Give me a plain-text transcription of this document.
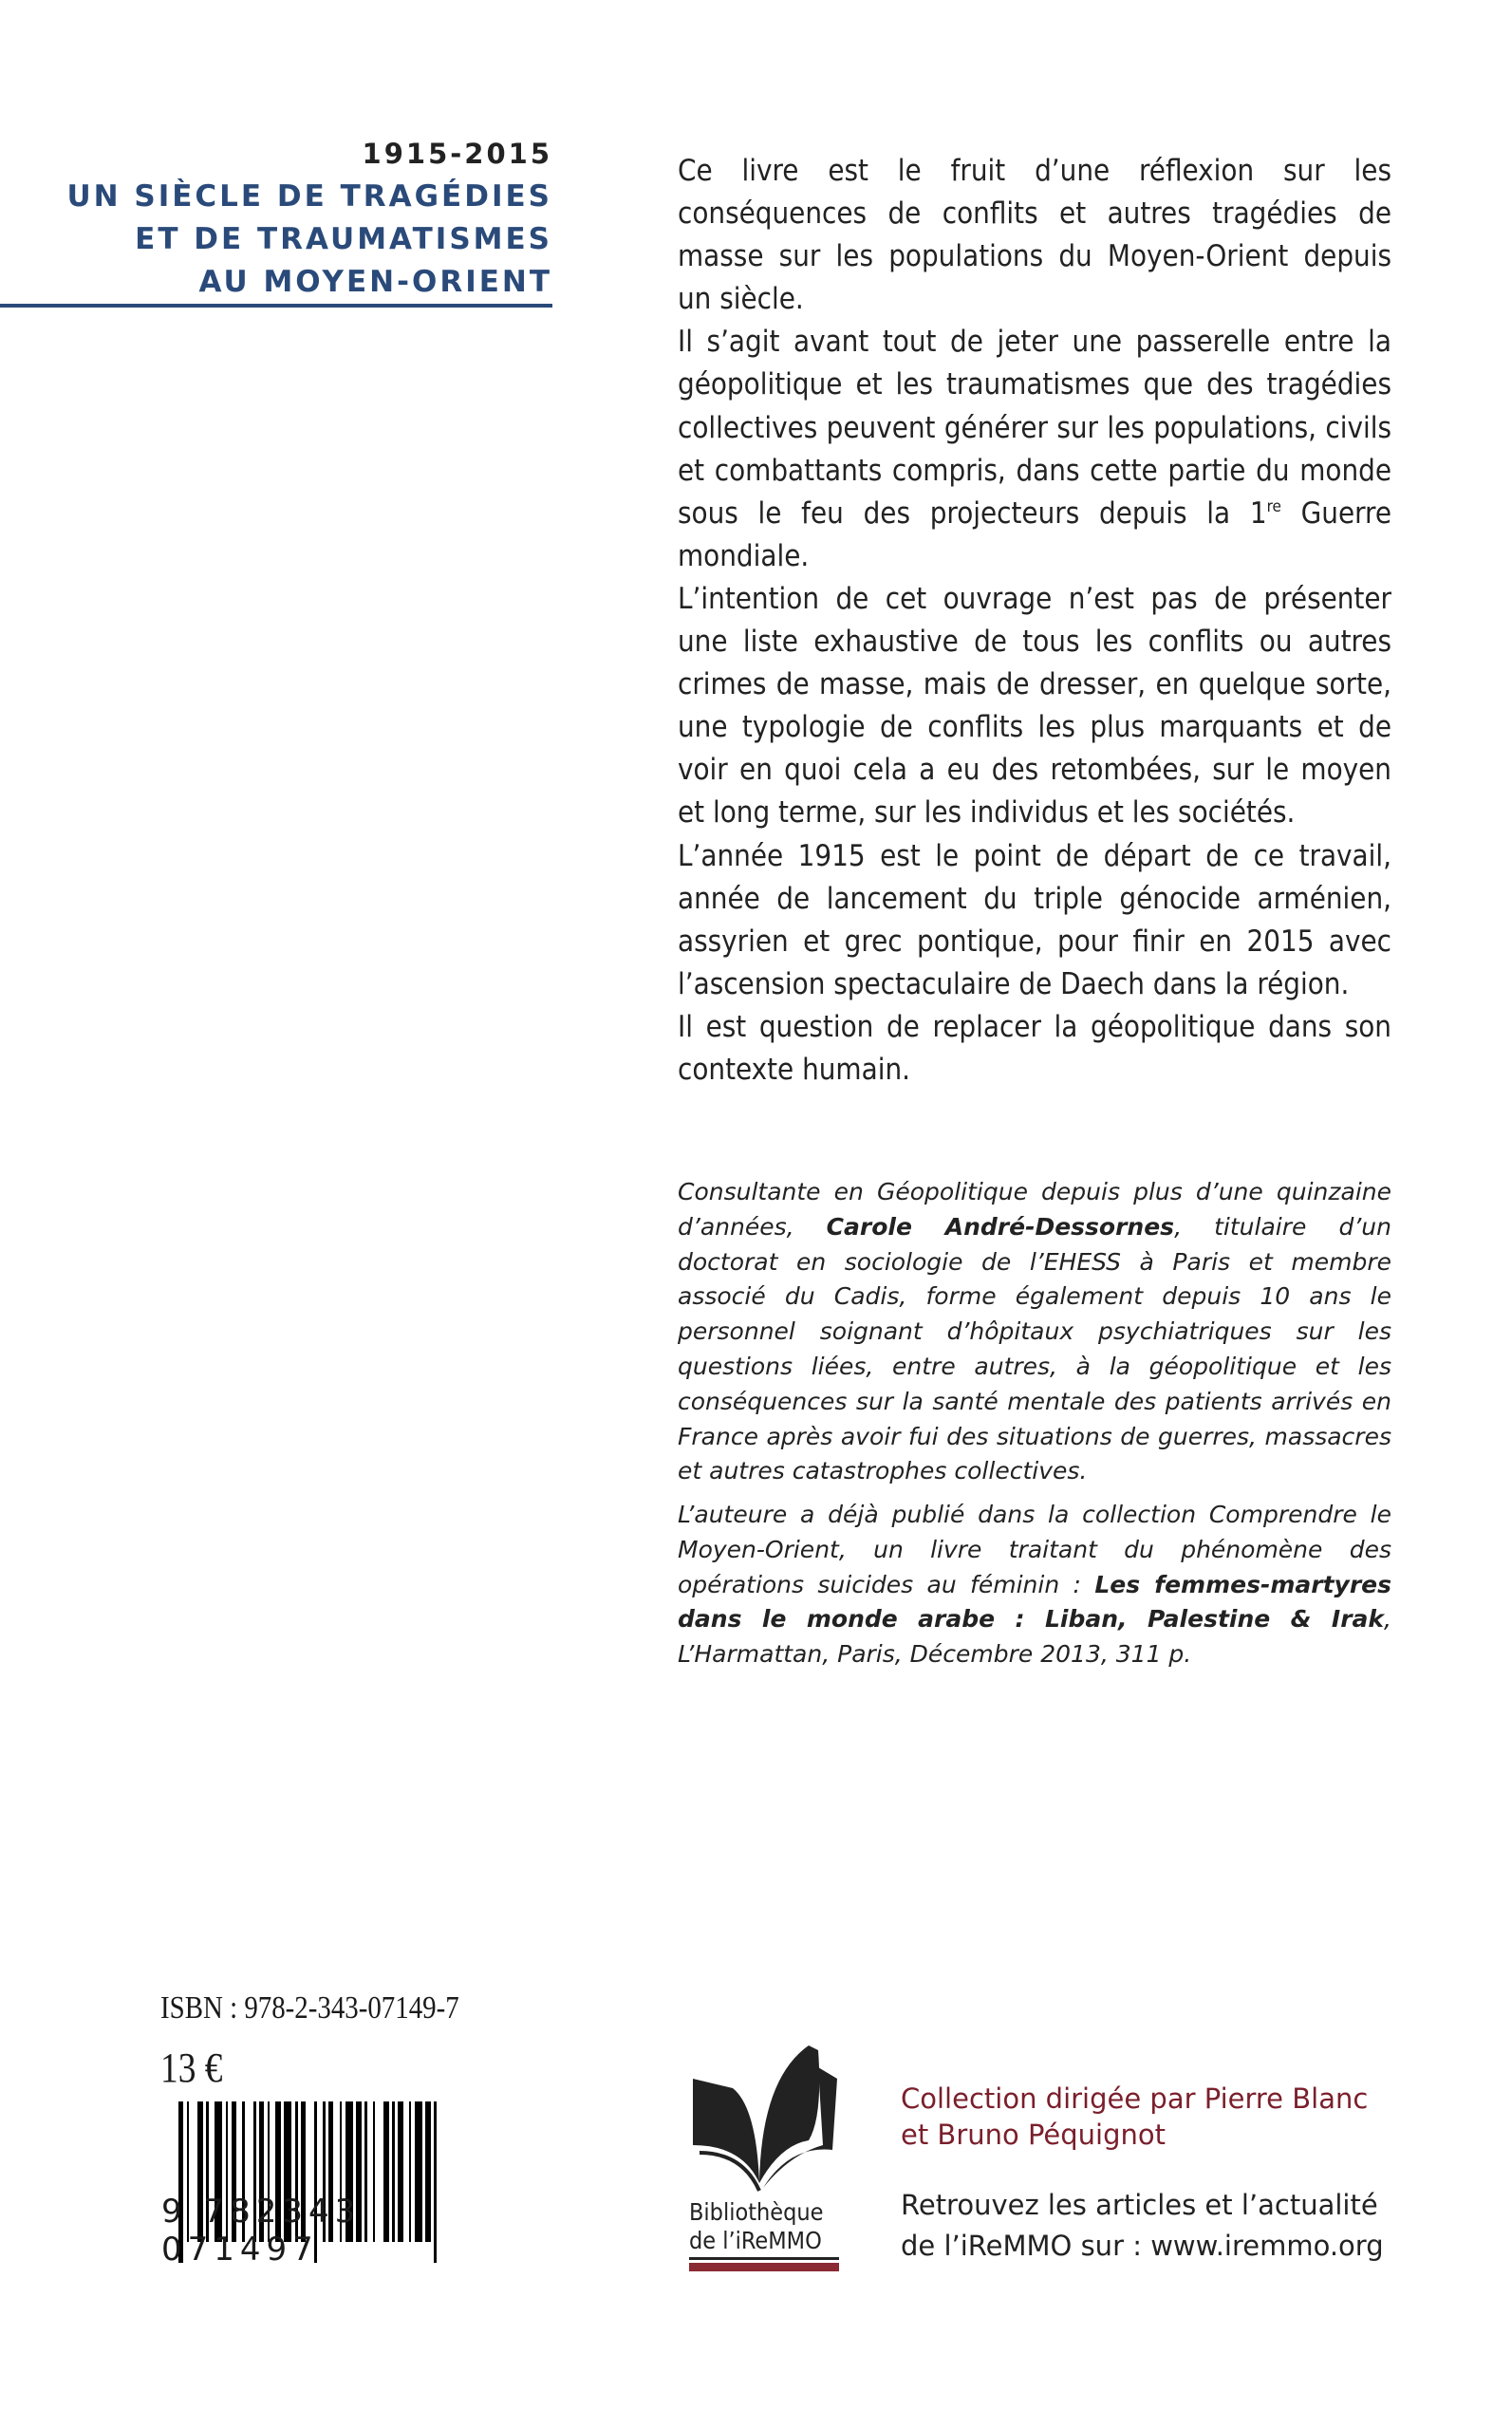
1915-2015
UN SIÈCLE DE TRAGÉDIES
ET DE TRAUMATISMES
AU MOYEN-ORIENT

Ce livre est le fruit d’une réflexion sur les conséquences de conflits et autres tragédies de masse sur les populations du Moyen-Orient depuis un siècle.

Il s’agit avant tout de jeter une passerelle entre la géopolitique et les traumatismes que des tragédies collectives peuvent générer sur les populations, civils et combattants compris, dans cette partie du monde sous le feu des projecteurs depuis la 1re Guerre mondiale.

L’intention de cet ouvrage n’est pas de présenter une liste exhaustive de tous les conflits ou autres crimes de masse, mais de dresser, en quelque sorte, une typologie de conflits les plus marquants et de voir en quoi cela a eu des retombées, sur le moyen et long terme, sur les individus et les sociétés.

L’année 1915 est le point de départ de ce travail, année de lancement du triple génocide arménien, assyrien et grec pontique, pour finir en 2015 avec l’ascension spectaculaire de Daech dans la région.

Il est question de replacer la géopolitique dans son contexte humain.

Consultante en Géopolitique depuis plus d’une quinzaine d’années, Carole André-Dessornes, titulaire d’un doctorat en sociologie de l’EHESS à Paris et membre associé du Cadis, forme également depuis 10 ans le personnel soignant d’hôpitaux psychiatriques sur les questions liées, entre autres, à la géopolitique et les conséquences sur la santé mentale des patients arrivés en France après avoir fui des situations de guerres, massacres et autres catastrophes collectives.
L’auteure a déjà publié dans la collection Comprendre le Moyen-Orient, un livre traitant du phénomène des opérations suicides au féminin : Les femmes-martyres dans le monde arabe : Liban, Palestine & Irak, L’Harmattan, Paris, Décembre 2013, 311 p.
ISBN : 978-2-343-07149-7
13 €
9 782343 071497
Bibliothèque
de l’iReMMO
Collection dirigée par Pierre Blanc
et Bruno Péquignot
Retrouvez les articles et l’actualité
de l’iReMMO sur : www.iremmo.org
